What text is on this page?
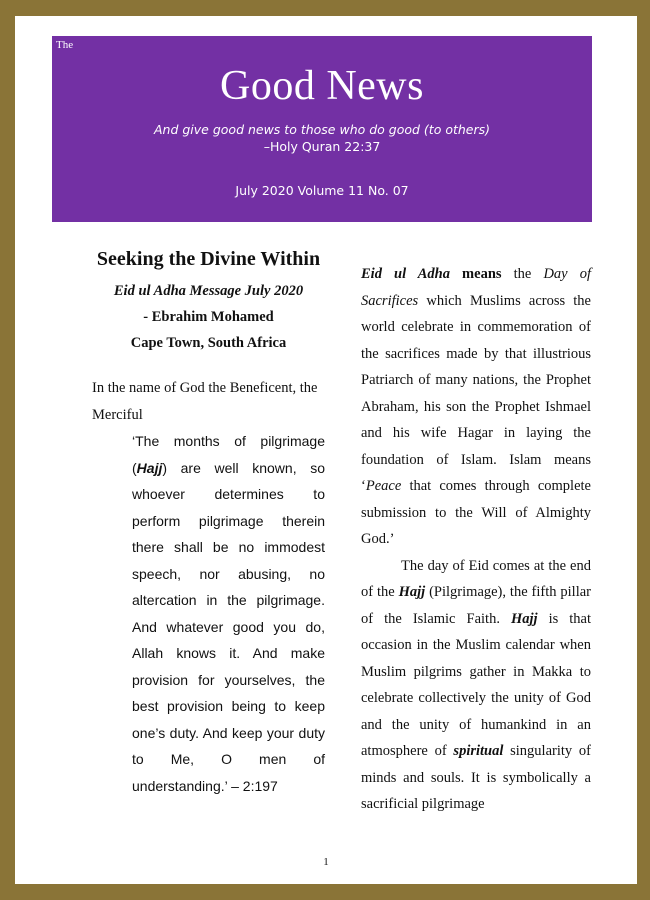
The
Good News
And give good news to those who do good (to others)
–Holy Quran 22:37
July 2020 Volume 11 No. 07
Seeking the Divine Within
Eid ul Adha Message July 2020
- Ebrahim Mohamed
Cape Town, South Africa
In the name of God the Beneficent, the Merciful
‘The months of pilgrimage (Hajj) are well known, so whoever determines to perform pilgrimage therein there shall be no immodest speech, nor abusing, no altercation in the pilgrimage. And whatever good you do, Allah knows it. And make provision for yourselves, the best provision being to keep one’s duty. And keep your duty to Me, O men of understanding.’ – 2:197

Eid ul Adha means the Day of Sacrifices which Muslims across the world celebrate in commemoration of the sacrifices made by that illustrious Patriarch of many nations, the Prophet Abraham, his son the Prophet Ishmael and his wife Hagar in laying the foundation of Islam. Islam means ‘Peace that comes through complete submission to the Will of Almighty God.’

The day of Eid comes at the end of the Hajj (Pilgrimage), the fifth pillar of the Islamic Faith. Hajj is that occasion in the Muslim calendar when Muslim pilgrims gather in Makka to celebrate collectively the unity of God and the unity of humankind in an atmosphere of spiritual singularity of minds and souls. It is symbolically a sacrificial pilgrimage

1
